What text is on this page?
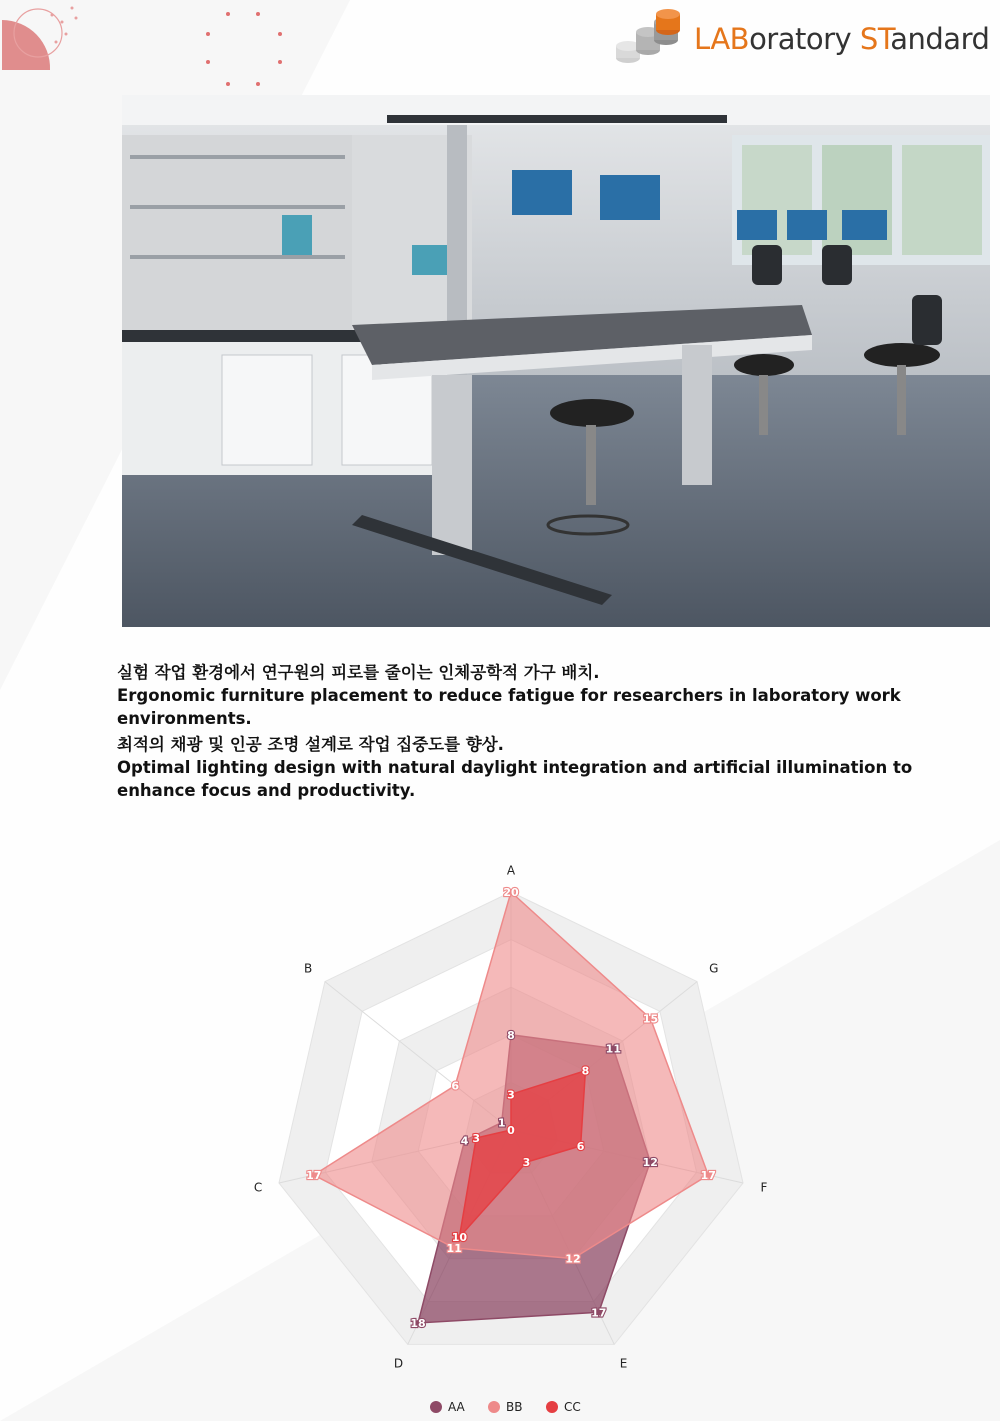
LABoratory STandard
실험 작업 환경에서 연구원의 피로를 줄이는 인체공학적 가구 배치.
Ergonomic furniture placement to reduce fatigue for researchers in laboratory work environments.
최적의 채광 및 인공 조명 설계로 작업 집중도를 향상.
Optimal lighting design with natural daylight integration and artificial illumination to enhance focus and productivity.
A
G
F
E
D
C
B
8
11
12
17
18
4
1
20
15
17
12
11
17
6
3
8
6
3
10
3
0
AA	BB	CC
